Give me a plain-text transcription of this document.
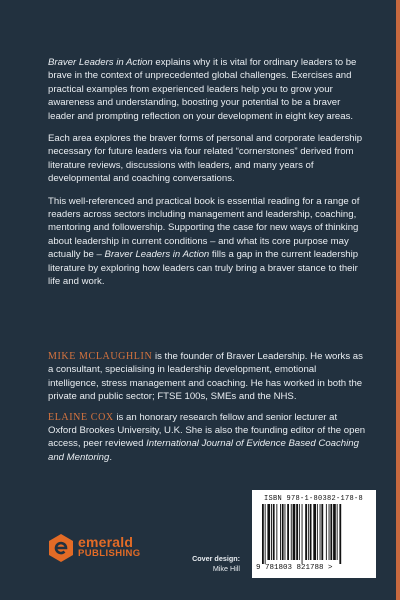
Braver Leaders in Action explains why it is vital for ordinary leaders to be brave in the context of unprecedented global challenges. Exercises and practical examples from experienced leaders help you to grow your awareness and understanding, boosting your potential to be a braver leader and prompting reflection on your development in eight key areas.

Each area explores the braver forms of personal and corporate leadership necessary for future leaders via four related “cornerstones” derived from literature reviews, discussions with leaders, and many years of developmental and coaching conversations.

This well-referenced and practical book is essential reading for a range of readers across sectors including management and leadership, coaching, mentoring and followership. Supporting the case for new ways of thinking about leadership in current conditions – and what its core purpose may actually be – Braver Leaders in Action fills a gap in the current leadership literature by exploring how leaders can truly bring a braver stance to their life and work.

MIKE MCLAUGHLIN is the founder of Braver Leadership. He works as a consultant, specialising in leadership development, emotional intelligence, stress management and coaching. He has worked in both the private and public sector; FTSE 100s, SMEs and the NHS.

ELAINE COX is an honorary research fellow and senior lecturer at Oxford Brookes University, U.K. She is also the founding editor of the open access, peer reviewed International Journal of Evidence Based Coaching and Mentoring.

emerald
PUBLISHING	Cover design:
Mike Hill
ISBN 978-1-80382-178-8
9 781803 821788 >
